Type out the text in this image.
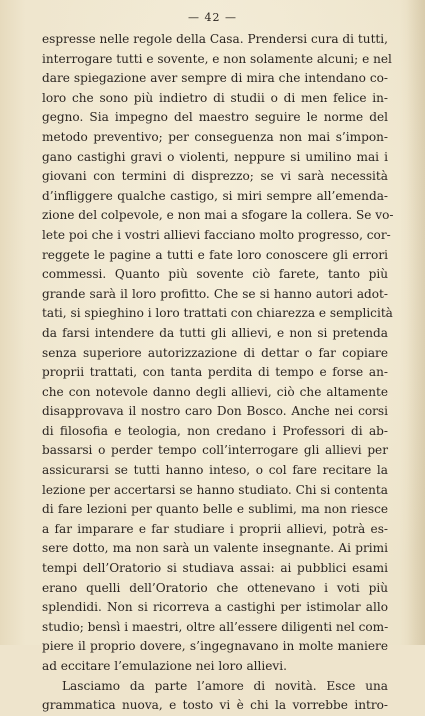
— 42 —
espresse nelle regole della Casa. Prendersi cura di tutti,
interrogare tutti e sovente, e non solamente alcuni; e nel
dare spiegazione aver sempre di mira che intendano co-
loro che sono più indietro di studii o di men felice in-
gegno. Sia impegno del maestro seguire le norme del
metodo preventivo; per conseguenza non mai s’impon-
gano castighi gravi o violenti, neppure si umilino mai i
giovani con termini di disprezzo; se vi sarà necessità
d’infliggere qualche castigo, si miri sempre all’emenda-
zione del colpevole, e non mai a sfogare la collera. Se vo-
lete poi che i vostri allievi facciano molto progresso, cor-
reggete le pagine a tutti e fate loro conoscere gli errori
commessi. Quanto più sovente ciò farete, tanto più
grande sarà il loro profitto. Che se si hanno autori adot-
tati, si spieghino i loro trattati con chiarezza e semplicità
da farsi intendere da tutti gli allievi, e non si pretenda
senza superiore autorizzazione di dettar o far copiare
proprii trattati, con tanta perdita di tempo e forse an-
che con notevole danno degli allievi, ciò che altamente
disapprovava il nostro caro Don Bosco. Anche nei corsi
di filosofia e teologia, non credano i Professori di ab-
bassarsi o perder tempo coll’interrogare gli allievi per
assicurarsi se tutti hanno inteso, o col fare recitare la
lezione per accertarsi se hanno studiato. Chi si contenta
di fare lezioni per quanto belle e sublimi, ma non riesce
a far imparare e far studiare i proprii allievi, potrà es-
sere dotto, ma non sarà un valente insegnante. Ai primi
tempi dell’Oratorio si studiava assai: ai pubblici esami
erano quelli dell’Oratorio che ottenevano i voti più
splendidi. Non si ricorreva a castighi per istimolar allo
studio; bensì i maestri, oltre all’essere diligenti nel com-
piere il proprio dovere, s’ingegnavano in molte maniere
ad eccitare l’emulazione nei loro allievi.
Lasciamo da parte l’amore di novità. Esce una
grammatica nuova, e tosto vi è chi la vorrebbe intro-
